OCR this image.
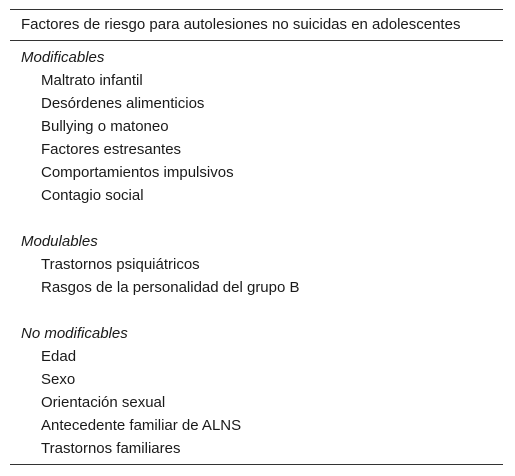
Factores de riesgo para autolesiones no suicidas en adolescentes
Modificables
Maltrato infantil
Desórdenes alimenticios
Bullying o matoneo
Factores estresantes
Comportamientos impulsivos
Contagio social
Modulables
Trastornos psiquiátricos
Rasgos de la personalidad del grupo B
No modificables
Edad
Sexo
Orientación sexual
Antecedente familiar de ALNS
Trastornos familiares
